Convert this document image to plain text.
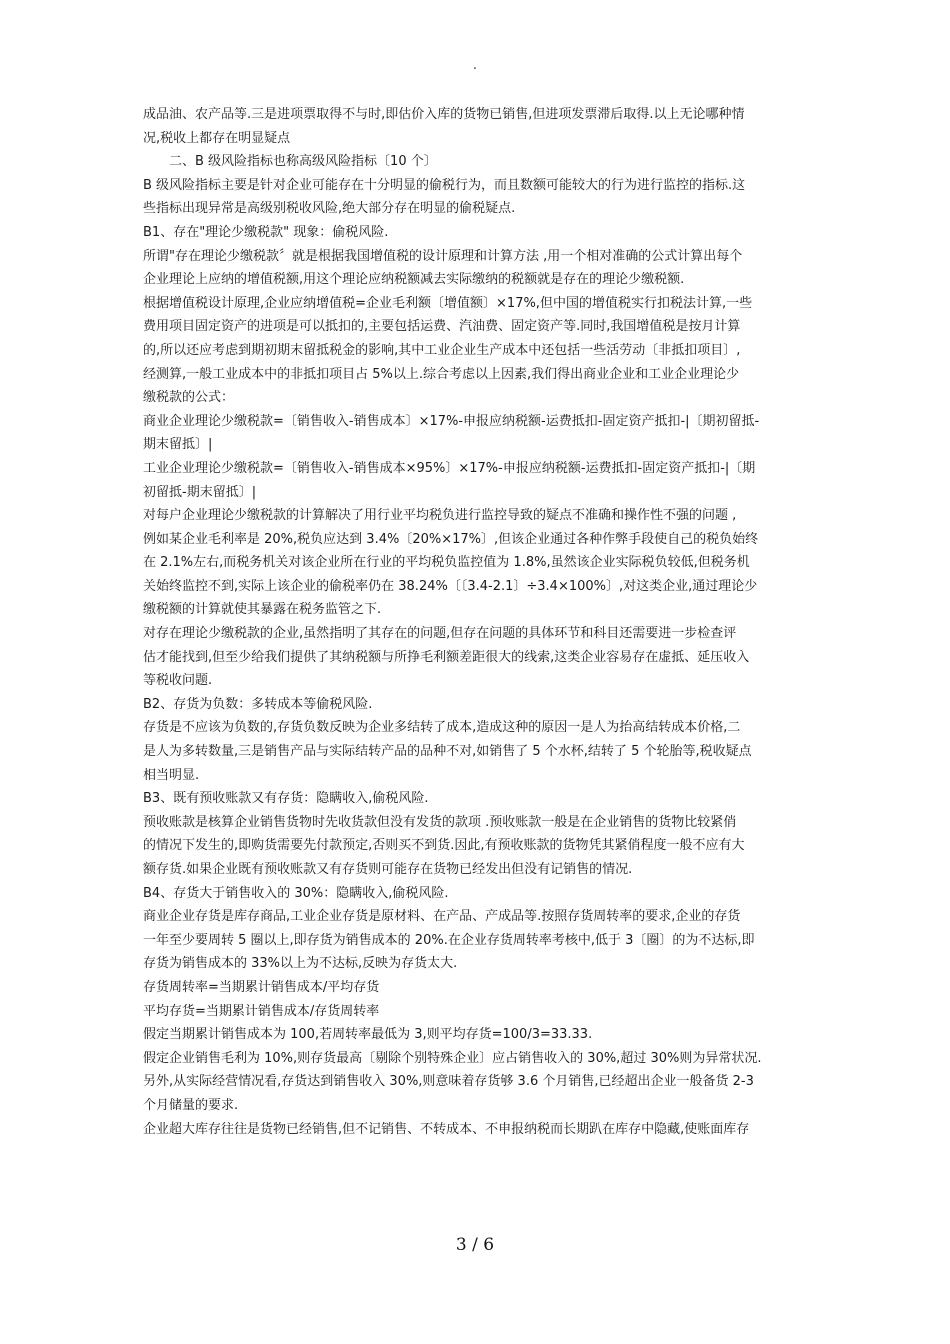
.
成品油、农产品等.三是进项票取得不与时,即估价入库的货物已销售,但进项发票滞后取得.以上无论哪种情
况,税收上都存在明显疑点
二、B 级风险指标也称高级风险指标〔10 个〕
B 级风险指标主要是针对企业可能存在十分明显的偷税行为，而且数额可能较大的行为进行监控的指标.这
些指标出现异常是高级别税收风险,绝大部分存在明显的偷税疑点.
B1、存在"理论少缴税款" 现象：偷税风险.
所谓"存在理论少缴税款〞就是根据我国增值税的设计原理和计算方法 ,用一个相对准确的公式计算出每个
企业理论上应纳的增值税额,用这个理论应纳税额减去实际缴纳的税额就是存在的理论少缴税额.
根据增值税设计原理,企业应纳增值税=企业毛利额〔增值额〕×17%,但中国的增值税实行扣税法计算,一些
费用项目固定资产的进项是可以抵扣的,主要包括运费、汽油费、固定资产等.同时,我国增值税是按月计算
的,所以还应考虑到期初期末留抵税金的影响,其中工业企业生产成本中还包括一些活劳动〔非抵扣项目〕,
经测算,一般工业成本中的非抵扣项目占 5%以上.综合考虑以上因素,我们得出商业企业和工业企业理论少
缴税款的公式：
商业企业理论少缴税款=〔销售收入-销售成本〕×17%-申报应纳税额-运费抵扣-固定资产抵扣-|〔期初留抵-
期末留抵〕|
工业企业理论少缴税款=〔销售收入-销售成本×95%〕×17%-申报应纳税额-运费抵扣-固定资产抵扣-|〔期
初留抵-期末留抵〕|
对每户企业理论少缴税款的计算解决了用行业平均税负进行监控导致的疑点不准确和操作性不强的问题 ,
例如某企业毛利率是 20%,税负应达到 3.4%〔20%×17%〕,但该企业通过各种作弊手段使自己的税负始终
在 2.1%左右,而税务机关对该企业所在行业的平均税负监控值为 1.8%,虽然该企业实际税负较低,但税务机
关始终监控不到,实际上该企业的偷税率仍在 38.24%〔〔3.4-2.1〕÷3.4×100%〕,对这类企业,通过理论少
缴税额的计算就使其暴露在税务监管之下.
对存在理论少缴税款的企业,虽然指明了其存在的问题,但存在问题的具体环节和科目还需要进一步检查评
估才能找到,但至少给我们提供了其纳税额与所挣毛利额差距很大的线索,这类企业容易存在虚抵、延压收入
等税收问题.
B2、存货为负数：多转成本等偷税风险.
存货是不应该为负数的,存货负数反映为企业多结转了成本,造成这种的原因一是人为抬高结转成本价格,二
是人为多转数量,三是销售产品与实际结转产品的品种不对,如销售了 5 个水杯,结转了 5 个轮胎等,税收疑点
相当明显.
B3、既有预收账款又有存货：隐瞒收入,偷税风险.
预收账款是核算企业销售货物时先收货款但没有发货的款项 .预收账款一般是在企业销售的货物比较紧俏
的情况下发生的,即购货需要先付款预定,否则买不到货.因此,有预收账款的货物凭其紧俏程度一般不应有大
额存货.如果企业既有预收账款又有存货则可能存在货物已经发出但没有记销售的情况.
B4、存货大于销售收入的 30%：隐瞒收入,偷税风险.
商业企业存货是库存商品,工业企业存货是原材料、在产品、产成品等.按照存货周转率的要求,企业的存货
一年至少要周转 5 圈以上,即存货为销售成本的 20%.在企业存货周转率考核中,低于 3〔圈〕的为不达标,即
存货为销售成本的 33%以上为不达标,反映为存货太大.
存货周转率=当期累计销售成本/平均存货
平均存货=当期累计销售成本/存货周转率
假定当期累计销售成本为 100,若周转率最低为 3,则平均存货=100/3=33.33.
假定企业销售毛利为 10%,则存货最高〔剔除个别特殊企业〕应占销售收入的 30%,超过 30%则为异常状况.
另外,从实际经营情况看,存货达到销售收入 30%,则意味着存货够 3.6 个月销售,已经超出企业一般备货 2-3
个月储量的要求.
企业超大库存往往是货物已经销售,但不记销售、不转成本、不申报纳税而长期趴在库存中隐藏,使账面库存
3 / 6
